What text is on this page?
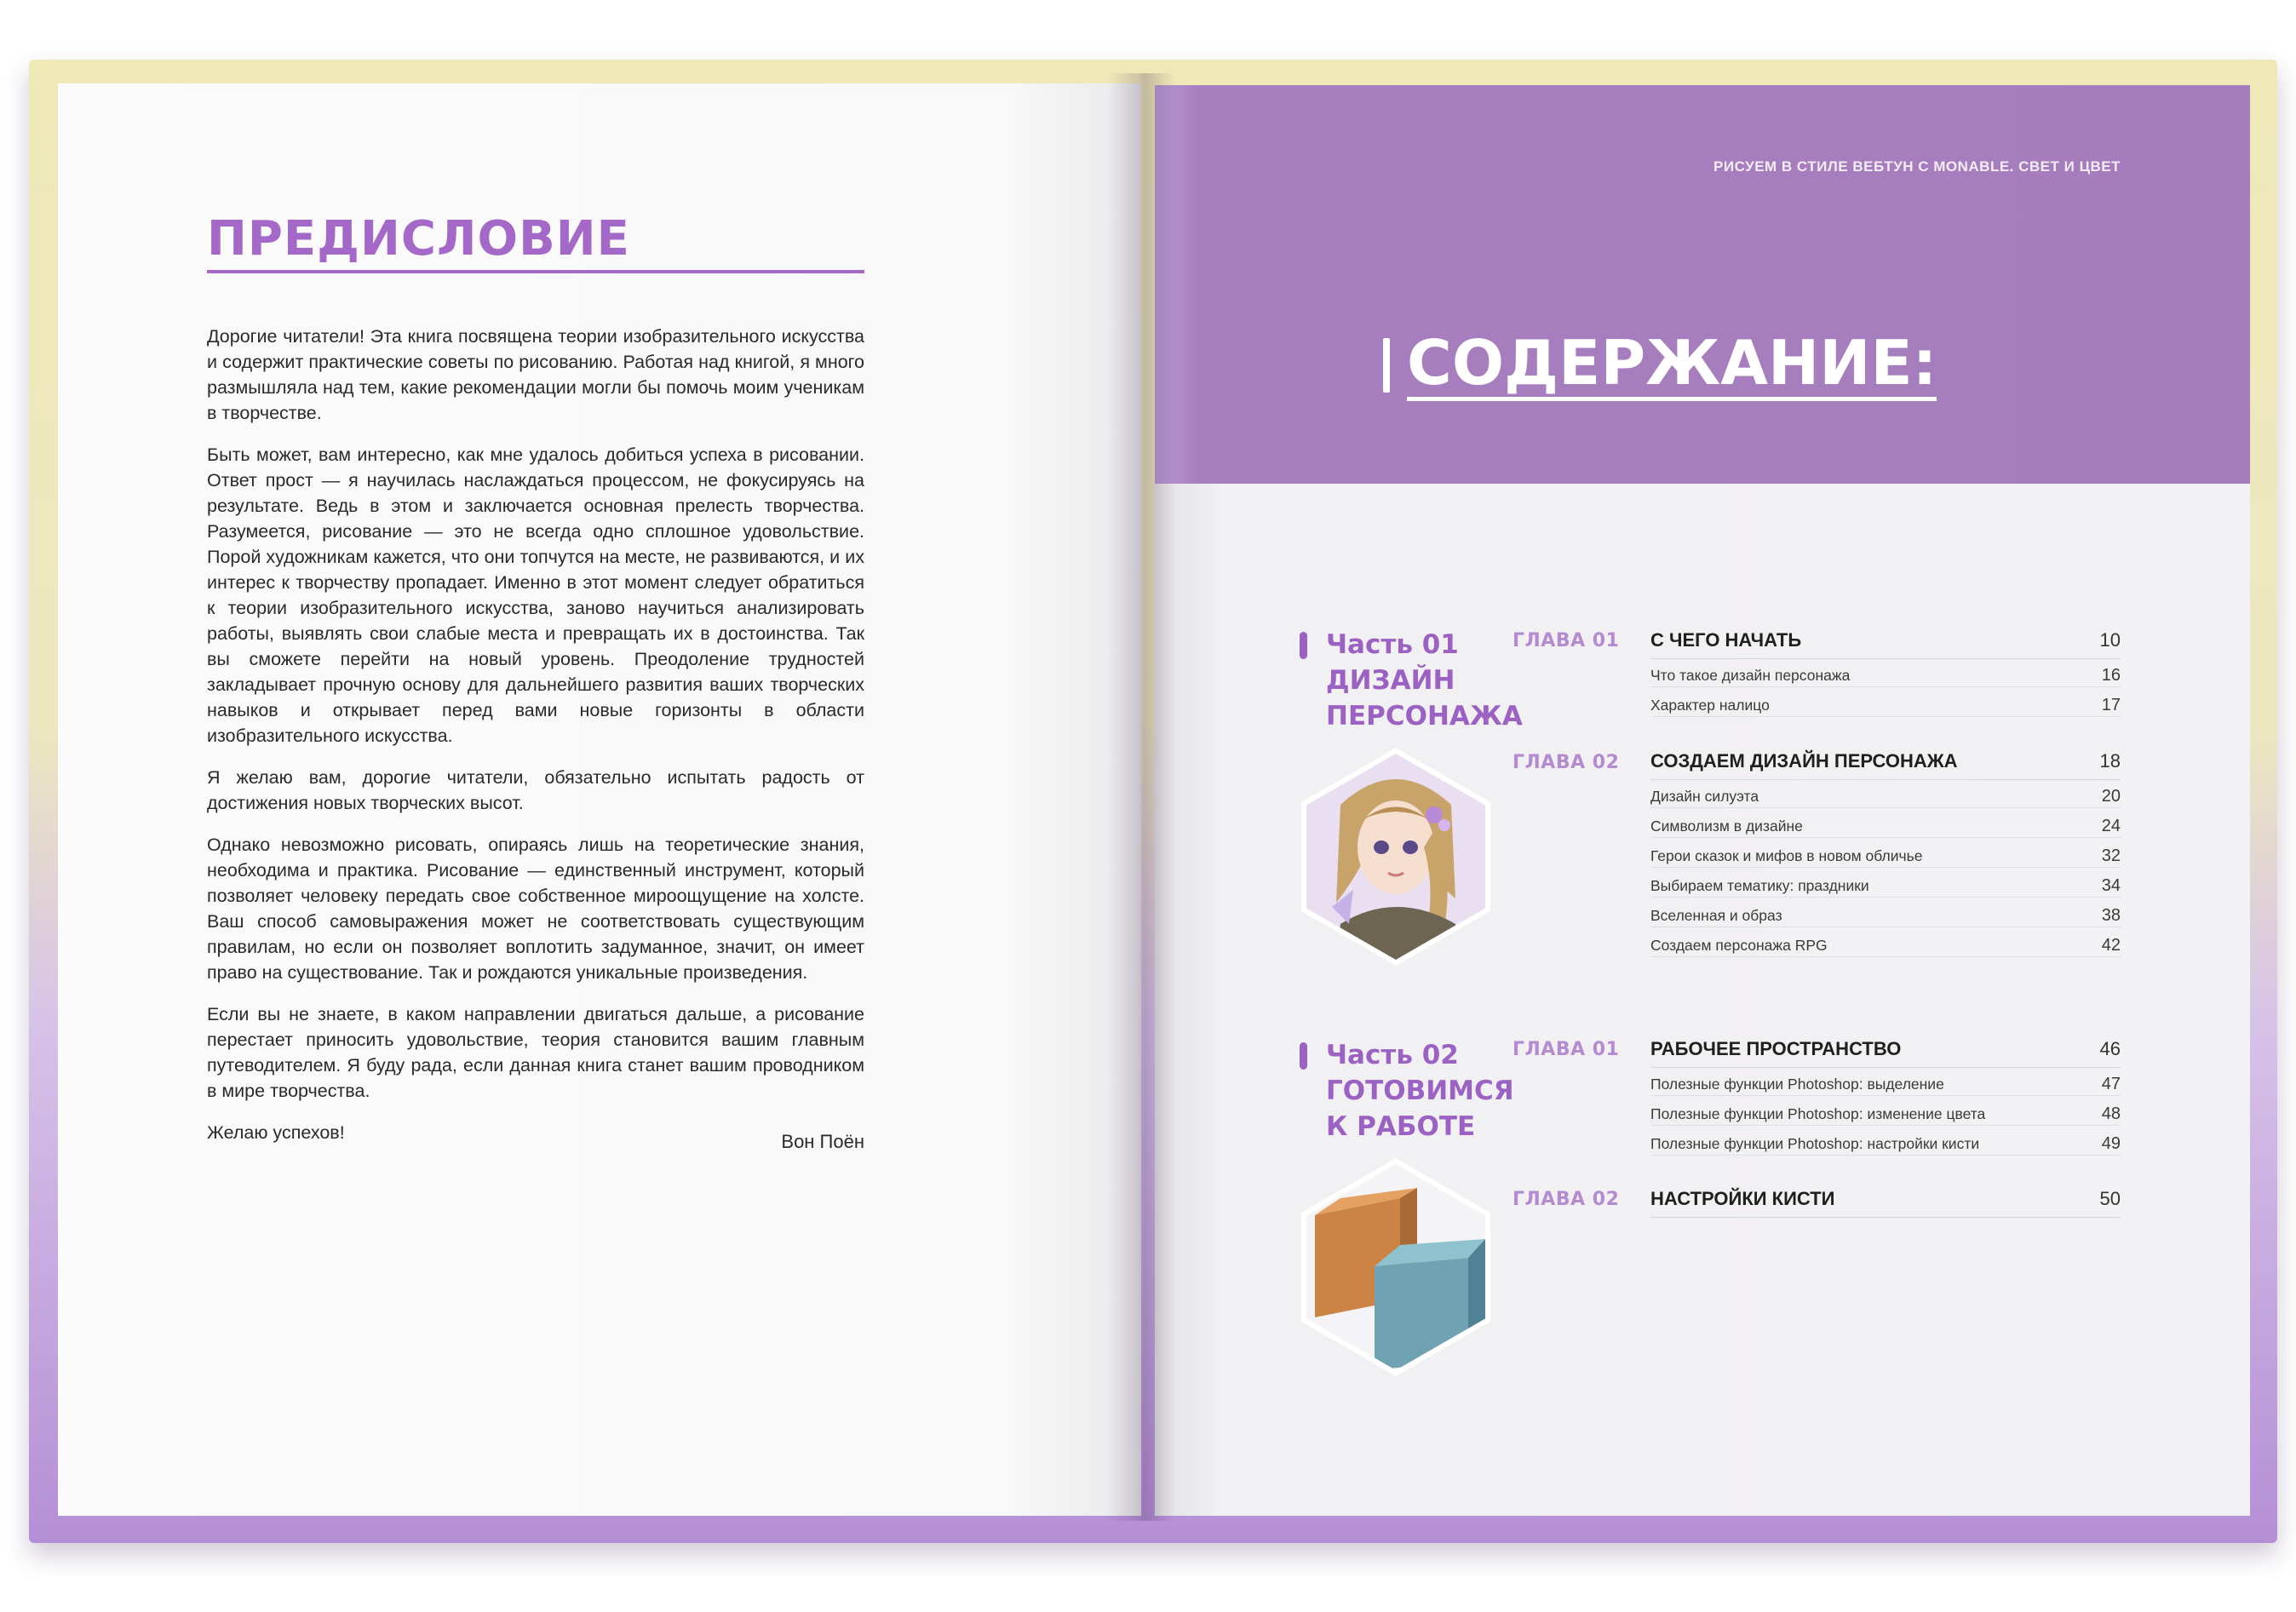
ПРЕДИСЛОВИЕ

Дорогие читатели! Эта книга посвящена теории изобразительного искусства и содержит практические советы по рисованию. Работая над книгой, я много размышляла над тем, какие рекомендации могли бы помочь моим ученикам в творчестве.

Быть может, вам интересно, как мне удалось добиться успеха в рисовании. Ответ прост — я научилась наслаждаться процессом, не фокусируясь на результате. Ведь в этом и заключается основная прелесть творчества. Разумеется, рисование — это не всегда одно сплошное удовольствие. Порой художникам кажется, что они топчутся на месте, не развиваются, и их интерес к творчеству пропадает. Именно в этот момент следует обратиться к теории изобразительного искусства, заново научиться анализировать работы, выявлять свои слабые места и превращать их в достоинства. Так вы сможете перейти на новый уровень. Преодоление трудностей закладывает прочную основу для дальнейшего развития ваших творческих навыков и открывает перед вами новые горизонты в области изобразительного искусства.

Я желаю вам, дорогие читатели, обязательно испытать радость от достижения новых творческих высот.

Однако невозможно рисовать, опираясь лишь на теоретические знания, необходима и практика. Рисование — единственный инструмент, который позволяет человеку передать свое собственное мироощущение на холсте. Ваш способ самовыражения может не соответствовать существующим правилам, но если он позволяет воплотить задуманное, значит, он имеет право на существование. Так и рождаются уникальные произведения.

Если вы не знаете, в каком направлении двигаться дальше, а рисование перестает приносить удовольствие, теория становится вашим главным путеводителем. Я буду рада, если данная книга станет вашим проводником в мире творчества.

Желаю успехов!	Вон Поён
РИСУЕМ В СТИЛЕ ВЕБТУН С MONABLE. СВЕТ И ЦВЕТ
СОДЕРЖАНИЕ:
Часть 01
ДИЗАЙН
ПЕРСОНАЖА
ГЛАВА 01 С ЧЕГО НАЧАТЬ	10
Что такое дизайн персонажа	16
Характер налицо	17
ГЛАВА 02 СОЗДАЕМ ДИЗАЙН ПЕРСОНАЖА	18
Дизайн силуэта	20
Символизм в дизайне	24
Герои сказок и мифов в новом обличье	32
Выбираем тематику: праздники	34
Вселенная и образ	38
Создаем персонажа RPG	42
Часть 02
ГОТОВИМСЯ
К РАБОТЕ
ГЛАВА 01 РАБОЧЕЕ ПРОСТРАНСТВО	46
Полезные функции Photoshop: выделение	47
Полезные функции Photoshop: изменение цвета	48
Полезные функции Photoshop: настройки кисти	49
ГЛАВА 02 НАСТРОЙКИ КИСТИ	50
